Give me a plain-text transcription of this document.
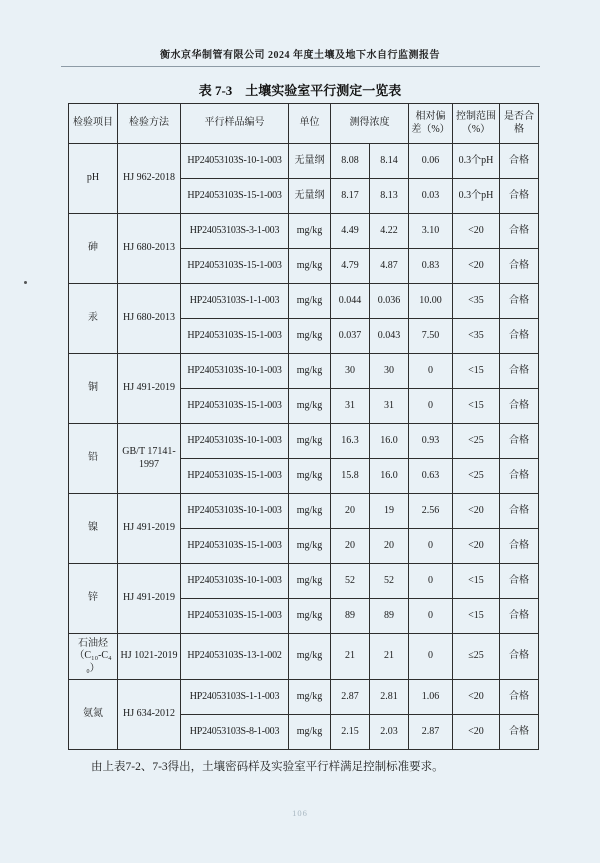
衡水京华制管有限公司 2024 年度土壤及地下水自行监测报告
表 7-3　土壤实验室平行测定一览表
检验项目	检验方法	平行样品编号	单位	测得浓度		相对偏差（%）	控制范围（%）	是否合格
pH	HJ 962-2018	HP24053103S-10-1-003	无量纲	8.08	8.14	0.06	0.3个pH	合格
		HP24053103S-15-1-003	无量纲	8.17	8.13	0.03	0.3个pH	合格
砷	HJ 680-2013	HP24053103S-3-1-003	mg/kg	4.49	4.22	3.10	<20	合格
		HP24053103S-15-1-003	mg/kg	4.79	4.87	0.83	<20	合格
汞	HJ 680-2013	HP24053103S-1-1-003	mg/kg	0.044	0.036	10.00	<35	合格
		HP24053103S-15-1-003	mg/kg	0.037	0.043	7.50	<35	合格
铜	HJ 491-2019	HP24053103S-10-1-003	mg/kg	30	30	0	<15	合格
		HP24053103S-15-1-003	mg/kg	31	31	0	<15	合格
铅	GB/T 17141-1997	HP24053103S-10-1-003	mg/kg	16.3	16.0	0.93	<25	合格
		HP24053103S-15-1-003	mg/kg	15.8	16.0	0.63	<25	合格
镍	HJ 491-2019	HP24053103S-10-1-003	mg/kg	20	19	2.56	<20	合格
		HP24053103S-15-1-003	mg/kg	20	20	0	<20	合格
锌	HJ 491-2019	HP24053103S-10-1-003	mg/kg	52	52	0	<15	合格
		HP24053103S-15-1-003	mg/kg	89	89	0	<15	合格
石油烃（C₁₀-C₄₀）	HJ 1021-2019	HP24053103S-13-1-002	mg/kg	21	21	0	≤25	合格
氨氮	HJ 634-2012	HP24053103S-1-1-003	mg/kg	2.87	2.81	1.06	<20	合格
		HP24053103S-8-1-003	mg/kg	2.15	2.03	2.87	<20	合格
由上表7-2、7-3得出，土壤密码样及实验室平行样满足控制标准要求。
106
